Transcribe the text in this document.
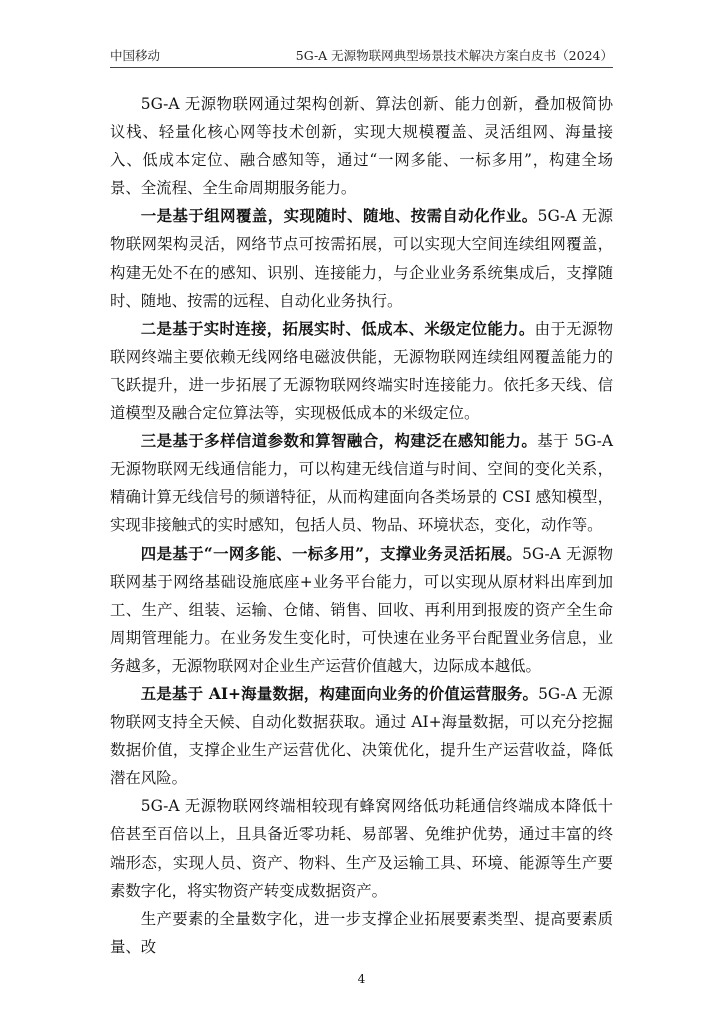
中国移动	5G-A 无源物联网典型场景技术解决方案白皮书（2024）

5G-A 无源物联网通过架构创新、算法创新、能力创新，叠加极简协议栈、轻量化核心网等技术创新，实现大规模覆盖、灵活组网、海量接入、低成本定位、融合感知等，通过“一网多能、一标多用”，构建全场景、全流程、全生命周期服务能力。

一是基于组网覆盖，实现随时、随地、按需自动化作业。5G-A 无源物联网架构灵活，网络节点可按需拓展，可以实现大空间连续组网覆盖，构建无处不在的感知、识别、连接能力，与企业业务系统集成后，支撑随时、随地、按需的远程、自动化业务执行。

二是基于实时连接，拓展实时、低成本、米级定位能力。由于无源物联网终端主要依赖无线网络电磁波供能，无源物联网连续组网覆盖能力的飞跃提升，进一步拓展了无源物联网终端实时连接能力。依托多天线、信道模型及融合定位算法等，实现极低成本的米级定位。

三是基于多样信道参数和算智融合，构建泛在感知能力。基于 5G-A 无源物联网无线通信能力，可以构建无线信道与时间、空间的变化关系，精确计算无线信号的频谱特征，从而构建面向各类场景的 CSI 感知模型，实现非接触式的实时感知，包括人员、物品、环境状态，变化，动作等。

四是基于“一网多能、一标多用”，支撑业务灵活拓展。5G-A 无源物联网基于网络基础设施底座+业务平台能力，可以实现从原材料出库到加工、生产、组装、运输、仓储、销售、回收、再利用到报废的资产全生命周期管理能力。在业务发生变化时，可快速在业务平台配置业务信息，业务越多，无源物联网对企业生产运营价值越大，边际成本越低。

五是基于 AI+海量数据，构建面向业务的价值运营服务。5G-A 无源物联网支持全天候、自动化数据获取。通过 AI+海量数据，可以充分挖掘数据价值，支撑企业生产运营优化、决策优化，提升生产运营收益，降低潜在风险。

5G-A 无源物联网终端相较现有蜂窝网络低功耗通信终端成本降低十倍甚至百倍以上，且具备近零功耗、易部署、免维护优势，通过丰富的终端形态，实现人员、资产、物料、生产及运输工具、环境、能源等生产要素数字化，将实物资产转变成数据资产。

生产要素的全量数字化，进一步支撑企业拓展要素类型、提高要素质量、改

4
